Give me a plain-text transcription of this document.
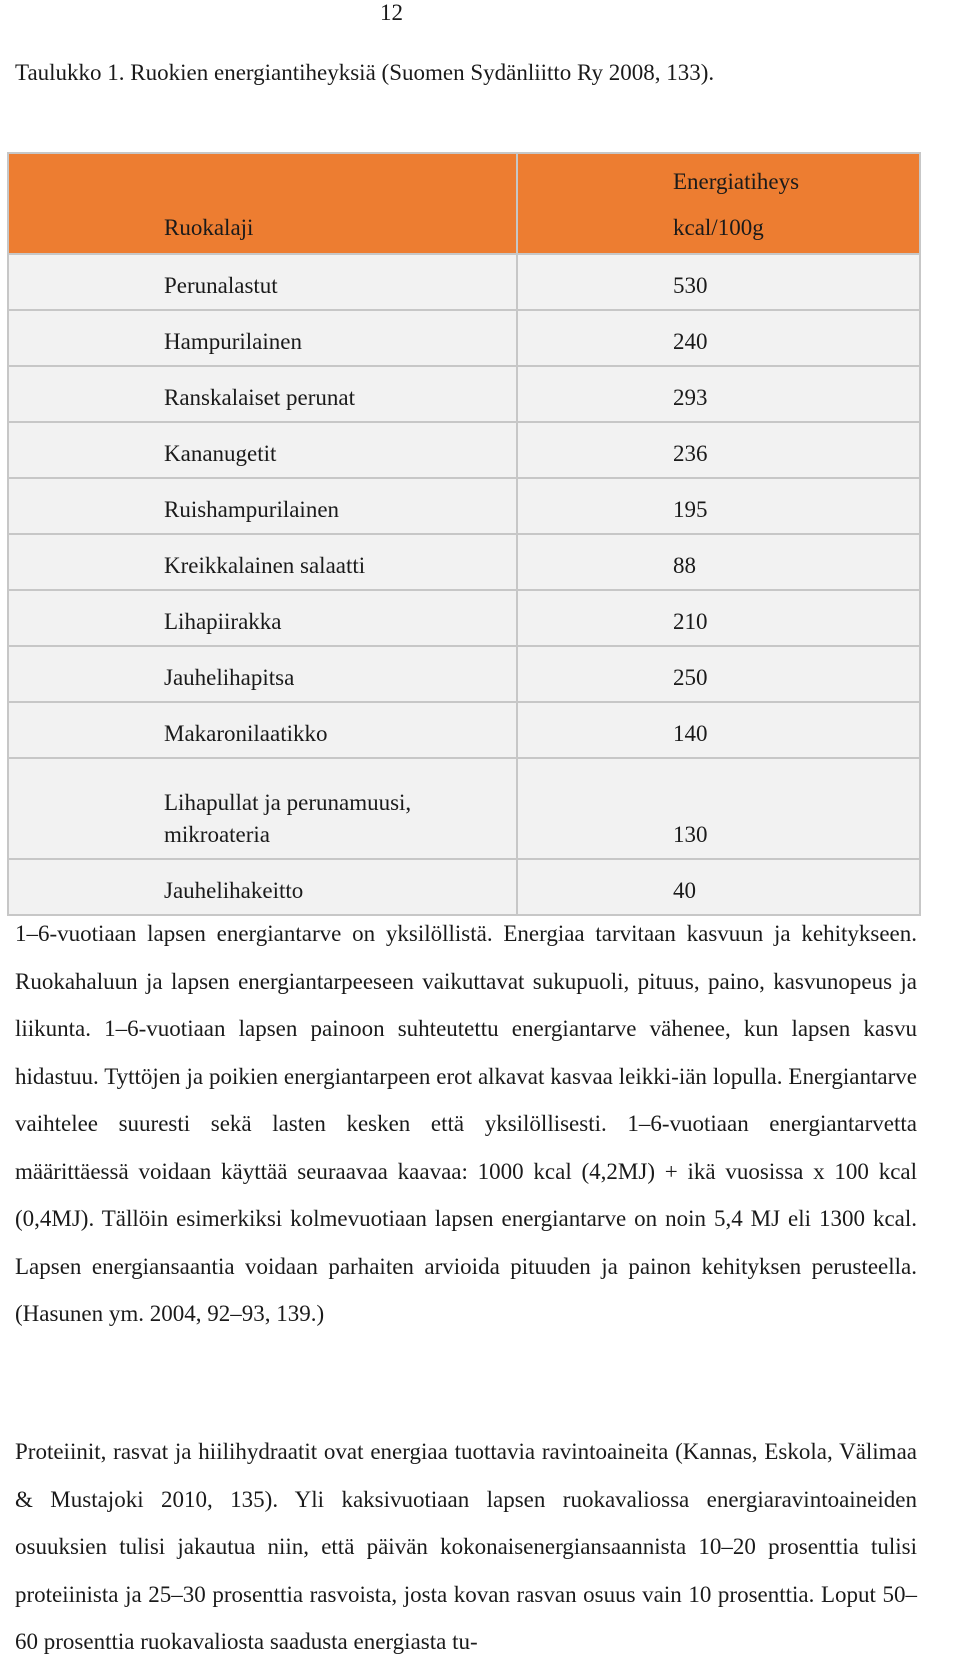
12
Taulukko 1. Ruokien energiantiheyksiä (Suomen Sydänliitto Ry 2008, 133).
Ruokalaji	Energiatiheys
kcal/100g

Perunalastut	530
Hampurilainen	240
Ranskalaiset perunat	293
Kananugetit	236
Ruishampurilainen	195
Kreikkalainen salaatti	88
Lihapiirakka	210
Jauhelihapitsa	250
Makaronilaatikko	140

Lihapullat ja perunamuusi,
mikroateria	130
Jauhelihakeitto	40

1–6-vuotiaan lapsen energiantarve on yksilöllistä. Energiaa tarvitaan kasvuun ja kehitykseen. Ruokahaluun ja lapsen energiantarpeeseen vaikuttavat sukupuoli, pituus, paino, kasvunopeus ja liikunta. 1–6-vuotiaan lapsen painoon suhteutettu energiantarve vähenee, kun lapsen kasvu hidastuu. Tyttöjen ja poikien energiantarpeen erot alkavat kasvaa leikki-iän lopulla. Energiantarve vaihtelee suuresti sekä lasten kesken että yksilöllisesti. 1–6-vuotiaan energiantarvetta määrittäessä voidaan käyttää seuraavaa kaavaa: 1000 kcal (4,2MJ) + ikä vuosissa x 100 kcal (0,4MJ). Tällöin esimerkiksi kolmevuotiaan lapsen energiantarve on noin 5,4 MJ eli 1300 kcal. Lapsen energiansaantia voidaan parhaiten arvioida pituuden ja painon kehityksen perusteella. (Hasunen ym. 2004, 92–93, 139.)

Proteiinit, rasvat ja hiilihydraatit ovat energiaa tuottavia ravintoaineita (Kannas, Eskola, Välimaa & Mustajoki 2010, 135). Yli kaksivuotiaan lapsen ruokavaliossa energiaravintoaineiden osuuksien tulisi jakautua niin, että päivän kokonaisenergiansaannista 10–20 prosenttia tulisi proteiinista ja 25–30 prosenttia rasvoista, josta kovan rasvan osuus vain 10 prosenttia. Loput 50–60 prosenttia ruokavaliosta saadusta energiasta tu-
